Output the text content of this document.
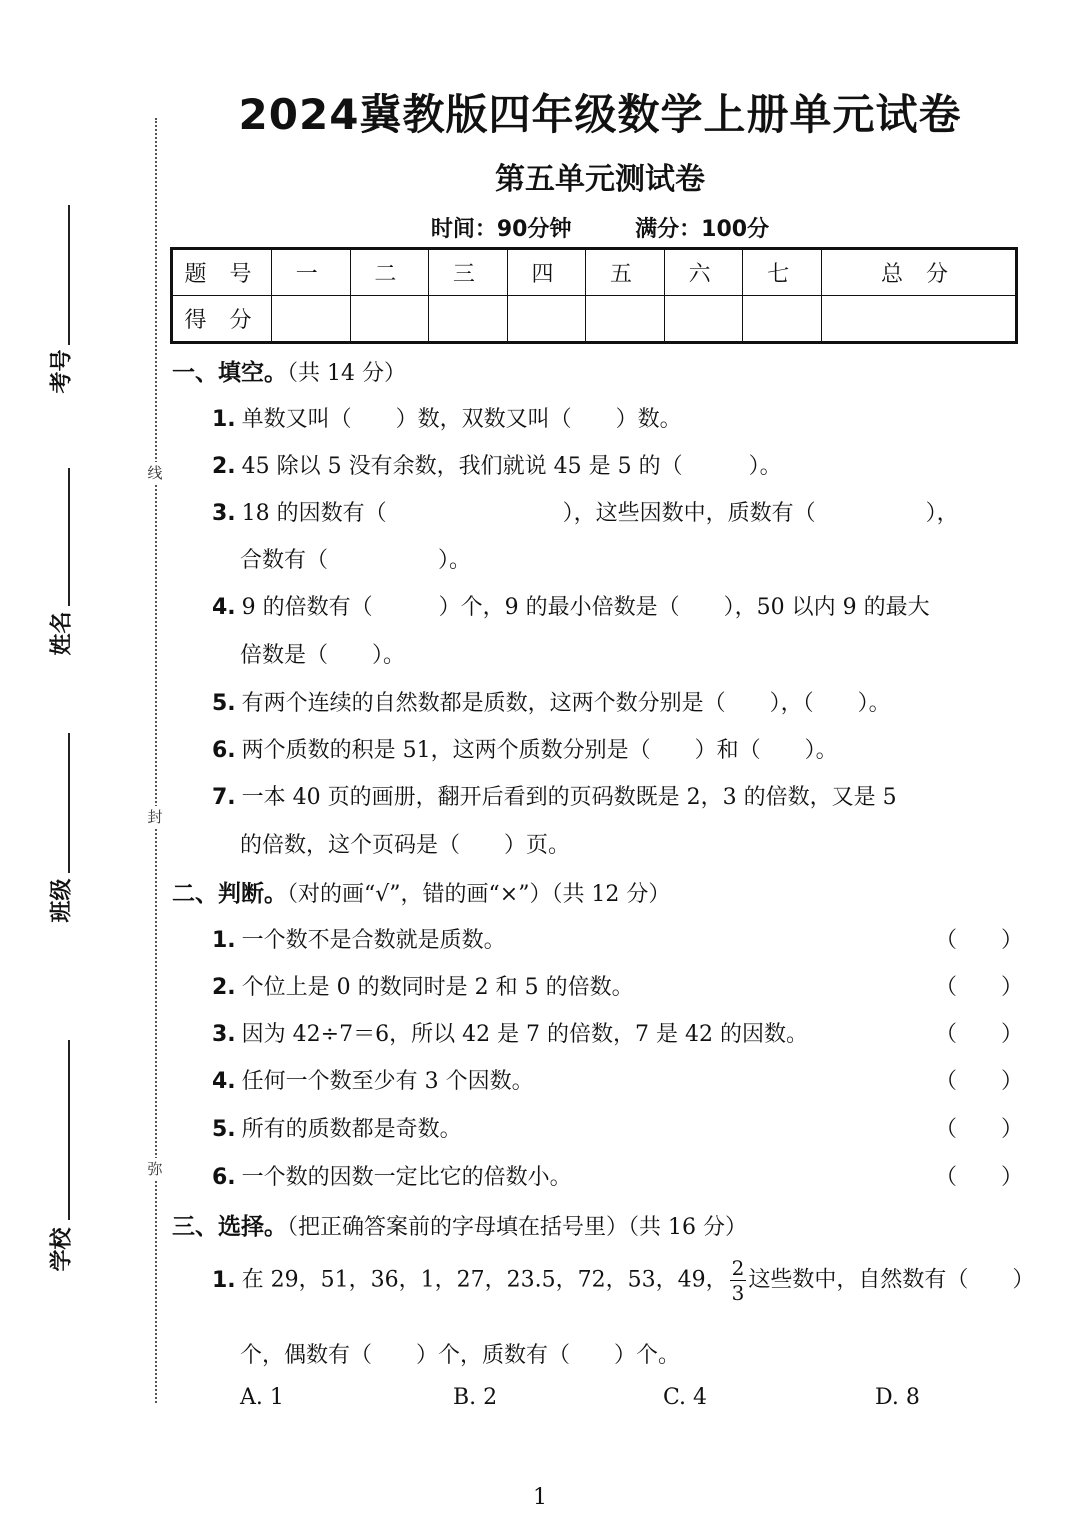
线
封
弥
考号
姓名
班级
学校
2024冀教版四年级数学上册单元试卷
第五单元测试卷
时间：90分钟	满分：100分
题 号	一	二	三	四	五	六	七	总 分
得 分								
一、填空。（共 14 分）
1. 单数又叫（　　）数，双数又叫（　　）数。
2. 45 除以 5 没有余数，我们就说 45 是 5 的（　　　）。
3. 18 的因数有（　　　　　　　　），这些因数中，质数有（　　　　　），
合数有（　　　　　）。
4. 9 的倍数有（　　　）个，9 的最小倍数是（　　），50 以内 9 的最大
倍数是（　　）。
5. 有两个连续的自然数都是质数，这两个数分别是（　　），（　　）。
6. 两个质数的积是 51，这两个质数分别是（　　）和（　　）。
7. 一本 40 页的画册，翻开后看到的页码数既是 2，3 的倍数，又是 5
的倍数，这个页码是（　　）页。
二、判断。（对的画“√”，错的画“×”）（共 12 分）
1. 一个数不是合数就是质数。	（　　）
2. 个位上是 0 的数同时是 2 和 5 的倍数。	（　　）
3. 因为 42÷7＝6，所以 42 是 7 的倍数，7 是 42 的因数。	（　　）
4. 任何一个数至少有 3 个因数。	（　　）
5. 所有的质数都是奇数。	（　　）
6. 一个数的因数一定比它的倍数小。	（　　）
三、选择。（把正确答案前的字母填在括号里）（共 16 分）
1. 在 29，51，36，1，27，23.5，72，53，49， $\frac{2}{3}$ 这些数中，自然数有（　　）
个，偶数有（　　）个，质数有（　　）个。
A. 1	B. 2	C. 4	D. 8
1
